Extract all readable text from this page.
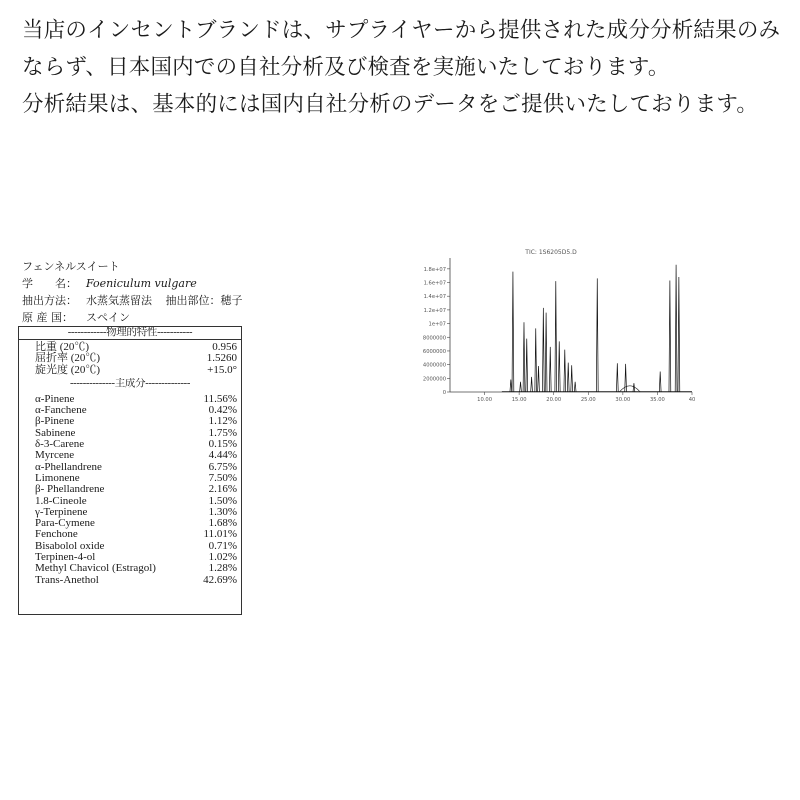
当店のインセントブランドは、サプライヤーから提供された成分分析結果のみならず、日本国内での自社分析及び検査を実施いたしております。

分析結果は、基本的には国内自社分析のデータをご提供いたしております。

フェンネルスイート
学　　名： Foeniculum vulgare
抽出方法： 水蒸気蒸留法 抽出部位：穂子
原 産 国： スペイン
------------物理的特性-----------
比重 (20℃)	0.956
屈折率 (20℃)	1.5260
旋光度 (20℃)	+15.0°
--------------主成分--------------
α-Pinene	11.56%
α-Fanchene	0.42%
β-Pinene	1.12%
Sabinene	1.75%
δ-3-Carene	0.15%
Myrcene	4.44%
α-Phellandrene	6.75%
Limonene	7.50%
β- Phellandrene	2.16%
1.8-Cineole	1.50%
γ-Terpinene	1.30%
Para-Cymene	1.68%
Fenchone	11.01%
Bisabolol oxide	0.71%
Terpinen-4-ol	1.02%
Methyl Chavicol (Estragol)	1.28%
Trans-Anethol	42.69%
TIC: 1S6205D5.D
1.8e+07
1.6e+07
1.4e+07
1.2e+07
1e+07
8000000
6000000
4000000
2000000
0
10.00	15.00	20.00	25.00	30.00	35.00	40
